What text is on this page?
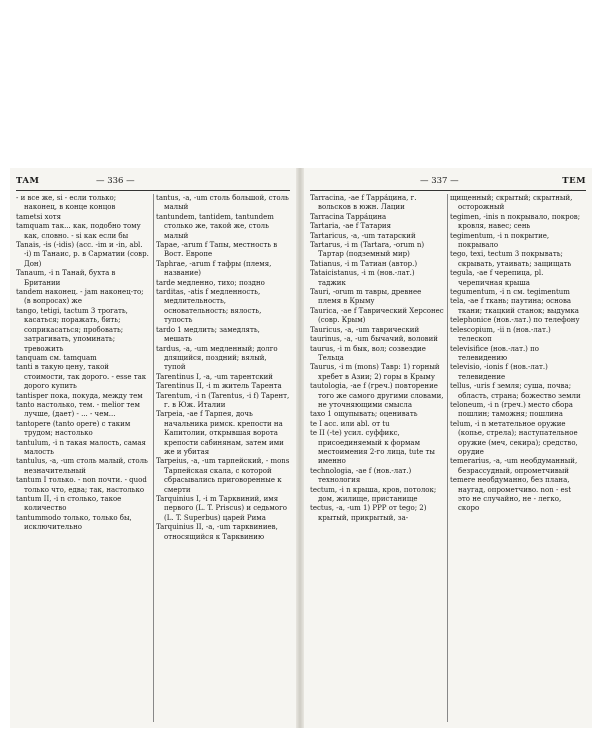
TAM	— 336 —

‑ и все же, si ‑ если только; наконец, в конце концов

tametsi хотя

tamquam так... как, подобно тому как, словно. ‑ si как если бы

Tanais, ‑is (‑idis) (acc. ‑im и ‑in, abl. ‑i) m Танаис, р. в Сарматии (совр. Дон)

Tanaum, ‑i n Танай, бухта в Британии

tandem наконец. ‑ jam наконец‑то; (в вопросах) же

tango, tetigi, tactum 3 трогать, касаться; поражать, бить; соприкасаться; пробовать; затрагивать, упоминать; тревожить

tanquam см. tamquam

tanti в такую цену, такой стоимости, так дорого. ‑ esse так дорого купить

tantisper пока, покуда, между тем

tanto настолько, тем. ‑ melior тем лучше, (дает) ‑ ... ‑ чем...

tantopere (tanto opere) с таким трудом; настолько

tantulum, ‑i n такая малость, самая малость

tantulus, ‑a, ‑um столь малый, столь незначительный

tantum I только. ‑ non почти. ‑ quod только что, едва; так, настолько

tantum II, ‑i n столько, такое количество

tantummodo только, только бы, исключительно

tantus, ‑a, ‑um столь большой, столь малый

tantundem, tantidem, tantundem столько же, такой же, столь малый

Tapae, ‑arum f Тапы, местность в Вост. Европе

Taphrae, ‑arum f тафры (племя, название)

tarde медленно, тихо; поздно

tarditas, ‑atis f медленность, медлительность, основательность; вялость, тупость

tardo 1 медлить; замедлять, мешать

tardus, ‑a, ‑um медленный; долго длящийся, поздний; вялый, тупой

Tarentinus I, ‑a, ‑um тарентский

Tarentinus II, ‑i m житель Тарента

Tarentum, ‑i n (Tarentus, ‑i f) Тарент, г. в Юж. Италии

Tarpeia, ‑ae f Тарпея, дочь начальника римск. крепости на Капитолии, открывшая ворота крепости сабинянам, затем ими же и убитая

Tarpeius, ‑a, ‑um тарпейский, ‑ mons Тарпейская скала, с которой сбрасывались приговоренные к смерти

Tarquinius I, ‑i m Тарквиний, имя первого (L. T. Priscus) и седьмого (L. T. Superbus) царей Рима

Tarquinius II, ‑a, ‑um тарквиниев, относящийся к Тарквинию

— 337 —	TEM

Tarracina, ‑ae f Тарра́цина, г. вольсков в южн. Лации

Tarracina Тарра́цина

Tartaria, ‑ae f Татария

Tartaricus, ‑a, ‑um татарский

Tartarus, ‑i m (Tartara, ‑orum n) Тартар (подземный мир)

Tatianus, ‑i m Татиан (автор.)

Tataicistanus, ‑i m (нов.‑лат.) таджик

Tauri, ‑orum m тавры, древнее племя в Крыму

Taurica, ‑ae f Таврический Херсонес (совр. Крым)

Tauricus, ‑a, ‑um таврический

taurinus, ‑a, ‑um бычачий, воловий

taurus, ‑i m бык, вол; созвездие Тельца

Taurus, ‑i m (mons) Тавр: 1) горный хребет в Азии; 2) горы в Крыму

tautologia, ‑ae f (греч.) повторение того же самого другими словами, не уточняющими смысла

taxo 1 ощупывать; оценивать

te I acc. или abl. от tu

te II (‑te) усил. суффикс, присоединяемый к формам местоимения 2‑го лица, tute ты именно

technologia, ‑ae f (нов.‑лат.) технология

tectum, ‑i n крыша, кров, потолок; дом, жилище, пристанище

tectus, ‑a, ‑um 1) PPP от tego; 2) крытый, прикрытый, за‑

щищенный; скрытый; скрытный, осторожный

tegimen, ‑inis n покрывало, покров; кровля, навес; сень

tegimentum, ‑i n покрытие, покрывало

tego, texi, tectum 3 покрывать; скрывать, утаивать; защищать

tegula, ‑ae f черепица, pl. черепичная крыша

tegumentum, ‑i n см. tegimentum

tela, ‑ae f ткань; паутина; основа ткани; ткацкий станок; выдумка

telephonice (нов.‑лат.) по телефону

telescopium, ‑ii n (нов.‑лат.) телескоп

televisifice (нов.‑лат.) по телевидению

televisio, ‑ionis f (нов.‑лат.) телевидение

tellus, ‑uris f земля; суша, почва; область, страна; божество земли

teloneum, ‑i n (греч.) место сбора пошлин; таможня; пошлина

telum, ‑i n метательное оружие (копье, стрела); наступательное оружие (меч, секира); средство, орудие

temerarius, ‑a, ‑um необдуманный, безрассудный, опрометчивый

temere необдуманно, без плана, наугад, опрометчиво. non ‑ est это не случайно, не ‑ легко, скоро
